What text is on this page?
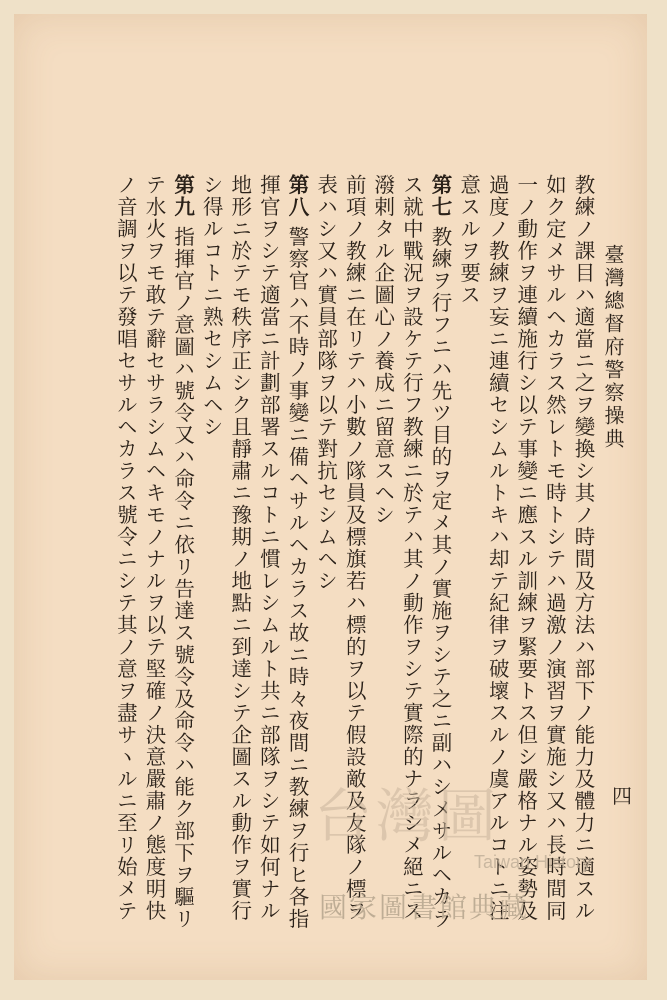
臺灣總督府警察操典
四
教練ノ課目ハ適當ニ之ヲ變換シ其ノ時間及方法ハ部下ノ能力及體力ニ適スル
如ク定メサルヘカラス然レトモ時トシテハ過激ノ演習ヲ實施シ又ハ長時間同
一ノ動作ヲ連續施行シ以テ事變ニ應スル訓練ヲ緊要トス但シ嚴格ナル姿勢及
過度ノ教練ヲ妄ニ連續セシムルトキハ却テ紀律ヲ破壞スルノ虞アルコトニ注
意スルヲ要ス
第七 教練ヲ行フニハ先ツ目的ヲ定メ其ノ實施ヲシテ之ニ副ハシメサルヘカラ
ス就中戰況ヲ設ケテ行フ教練ニ於テハ其ノ動作ヲシテ實際的ナラシメ絕ニス
潑剌タル企圖心ノ養成ニ留意スヘシ
前項ノ教練ニ在リテハ小數ノ隊員及標旗若ハ標的ヲ以テ假設敵及友隊ノ標ヲ
表ハシ又ハ實員部隊ヲ以テ對抗セシムヘシ
第八 警察官ハ不時ノ事變ニ備ヘサルヘカラス故ニ時々夜間ニ教練ヲ行ヒ各指
揮官ヲシテ適當ニ計劃部署スルコトニ慣レシムルト共ニ部隊ヲシテ如何ナル
地形ニ於テモ秩序正シク且靜肅ニ豫期ノ地點ニ到達シテ企圖スル動作ヲ實行
シ得ルコトニ熟セシムヘシ
第九 指揮官ノ意圖ハ號令又ハ命令ニ依リ告達ス號令及命令ハ能ク部下ヲ驅リ
テ水火ヲモ敢テ辭セサラシムヘキモノナルヲ以テ堅確ノ決意嚴肅ノ態度明快
ノ音調ヲ以テ發唱セサルヘカラス號令ニシテ其ノ意ヲ盡サヽルニ至リ始メテ	台灣圖
Taiwan History
國家圖書館典藏
